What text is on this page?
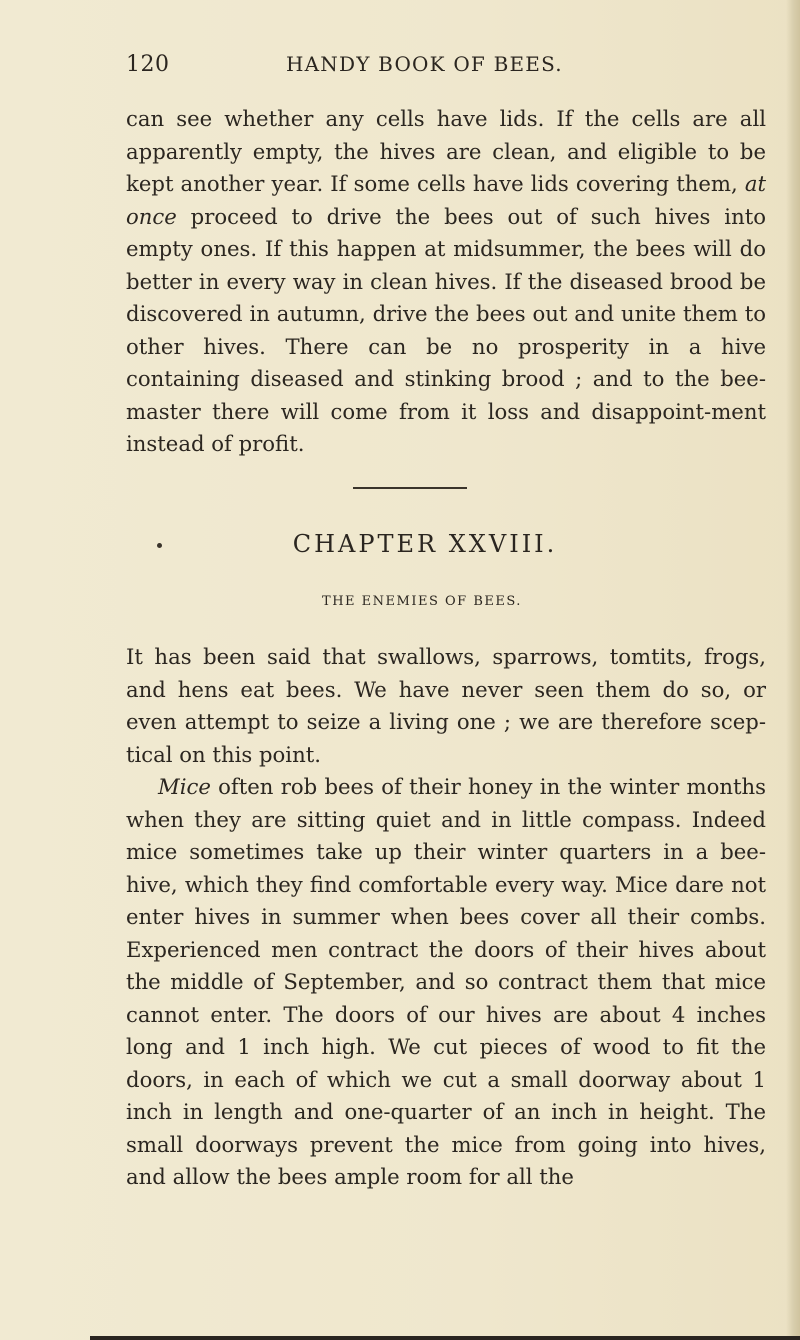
120	HANDY BOOK OF BEES.

can see whether any cells have lids. If the cells are all apparently empty, the hives are clean, and eligible to be kept another year. If some cells have lids covering them, at once proceed to drive the bees out of such hives into empty ones. If this happen at midsummer, the bees will do better in every way in clean hives. If the diseased brood be discovered in autumn, drive the bees out and unite them to other hives. There can be no prosperity in a hive containing diseased and stinking brood ; and to the bee-master there will come from it loss and disappoint-ment instead of profit.

CHAPTER XXVIII.
THE ENEMIES OF BEES.

It has been said that swallows, sparrows, tomtits, frogs, and hens eat bees. We have never seen them do so, or even attempt to seize a living one ; we are therefore scep-tical on this point.

Mice often rob bees of their honey in the winter months when they are sitting quiet and in little compass. Indeed mice sometimes take up their winter quarters in a bee-hive, which they find comfortable every way. Mice dare not enter hives in summer when bees cover all their combs. Experienced men contract the doors of their hives about the middle of September, and so contract them that mice cannot enter. The doors of our hives are about 4 inches long and 1 inch high. We cut pieces of wood to fit the doors, in each of which we cut a small doorway about 1 inch in length and one-quarter of an inch in height. The small doorways prevent the mice from going into hives, and allow the bees ample room for all the
